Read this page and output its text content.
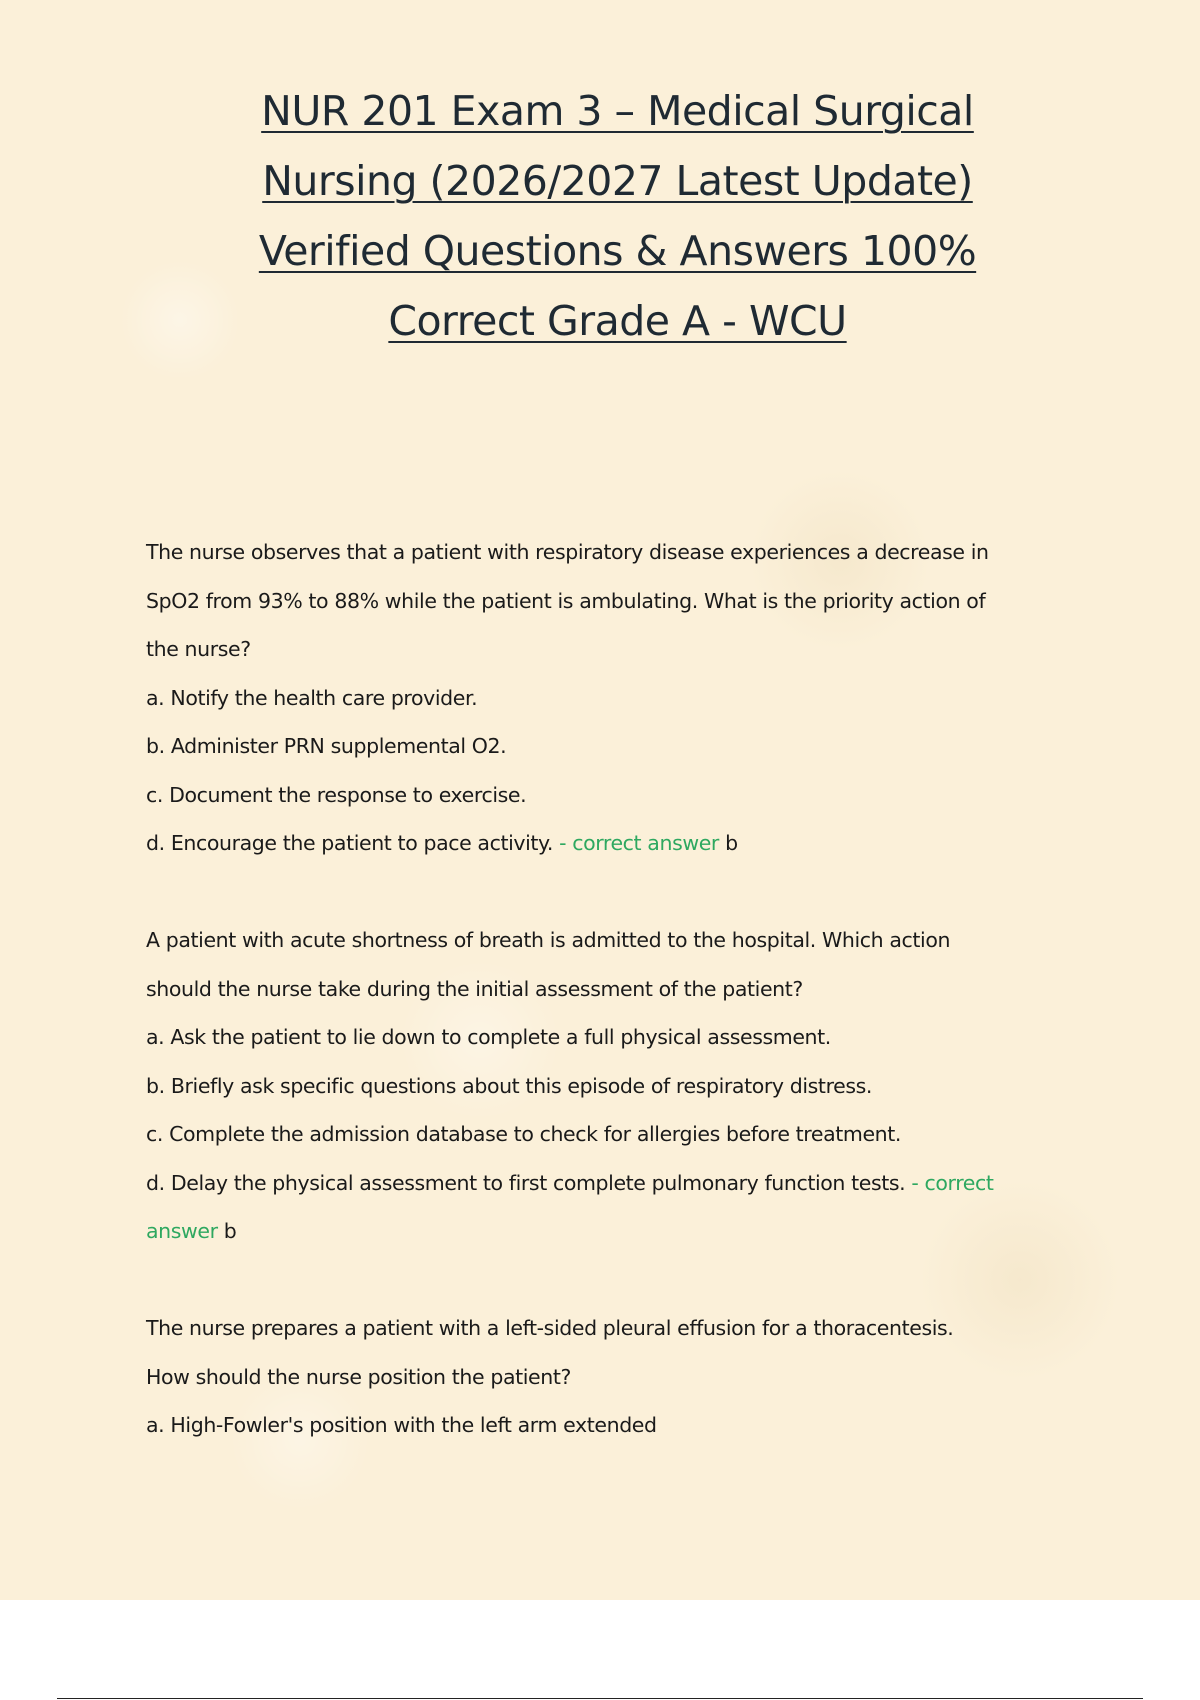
NUR 201 Exam 3 – Medical Surgical
Nursing (2026/2027 Latest Update)
Verified Questions & Answers 100%
Correct Grade A - WCU
The nurse observes that a patient with respiratory disease experiences a decrease in
SpO2 from 93% to 88% while the patient is ambulating. What is the priority action of
the nurse?
a. Notify the health care provider.
b. Administer PRN supplemental O2.
c. Document the response to exercise.
d. Encourage the patient to pace activity. - correct answer b
A patient with acute shortness of breath is admitted to the hospital. Which action
should the nurse take during the initial assessment of the patient?
a. Ask the patient to lie down to complete a full physical assessment.
b. Briefly ask specific questions about this episode of respiratory distress.
c. Complete the admission database to check for allergies before treatment.
d. Delay the physical assessment to first complete pulmonary function tests. - correct
answer b
The nurse prepares a patient with a left-sided pleural effusion for a thoracentesis.
How should the nurse position the patient?
a. High-Fowler's position with the left arm extended
